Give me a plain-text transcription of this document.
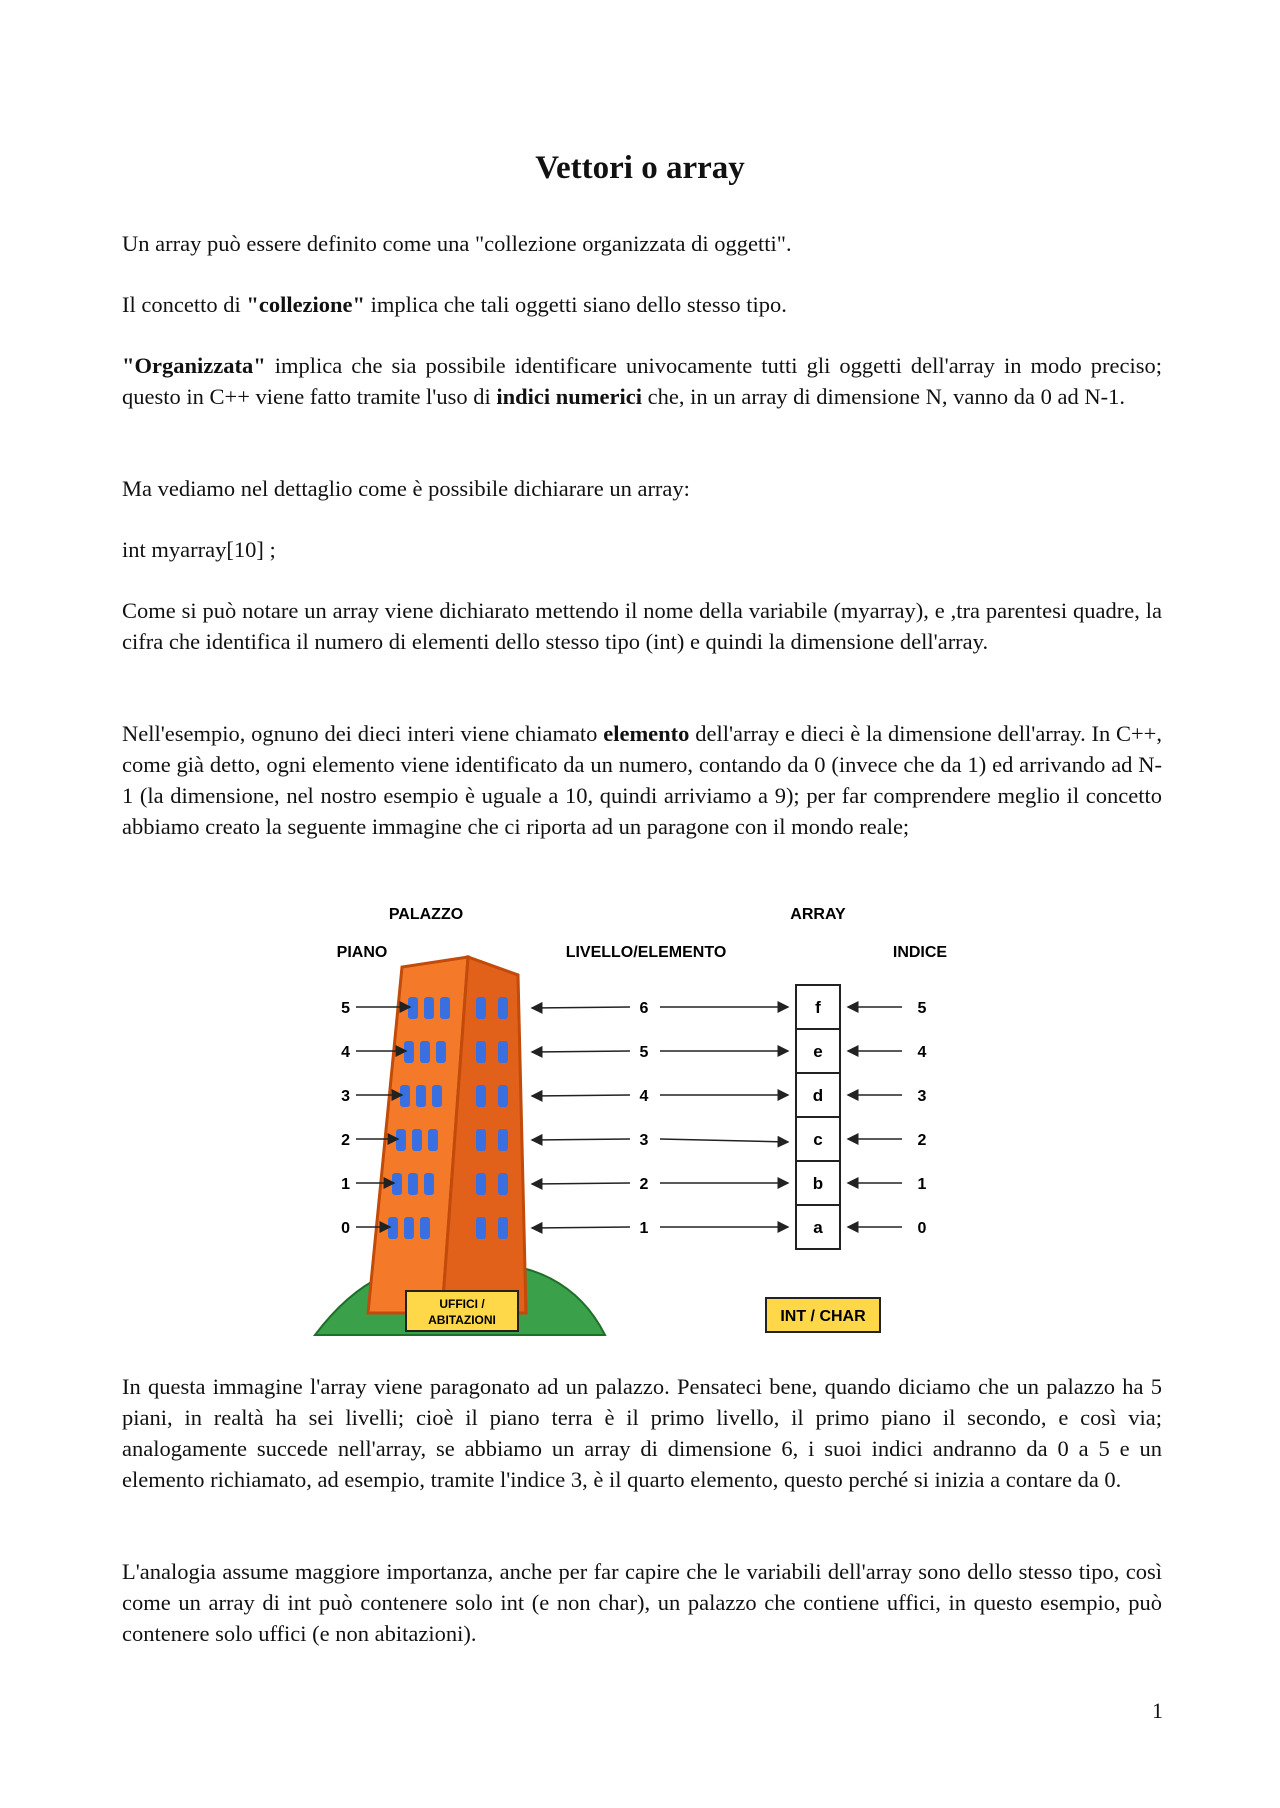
Vettori o array

Un array può essere definito come una "collezione organizzata di oggetti".

Il concetto di "collezione" implica che tali oggetti siano dello stesso tipo.

"Organizzata" implica che sia possibile identificare univocamente tutti gli oggetti dell'array in modo preciso; questo in C++ viene fatto tramite l'uso di indici numerici che, in un array di dimensione N, vanno da 0 ad N-1.

Ma vediamo nel dettaglio come è possibile dichiarare un array:

int myarray[10] ;

Come si può notare un array viene dichiarato mettendo il nome della variabile (myarray), e ,tra parentesi quadre, la cifra che identifica il numero di elementi dello stesso tipo (int) e quindi la dimensione dell'array.

Nell'esempio, ognuno dei dieci interi viene chiamato elemento dell'array e dieci è la dimensione dell'array. In C++, come già detto, ogni elemento viene identificato da un numero, contando da 0 (invece che da 1) ed arrivando ad N-1 (la dimensione, nel nostro esempio è uguale a 10, quindi arriviamo a 9); per far comprendere meglio il concetto abbiamo creato la seguente immagine che ci riporta ad un paragone con il mondo reale;

UFFICI /
ABITAZIONI
PALAZZO	ARRAY
PIANO	LIVELLO/ELEMENTO	INDICE
5	6	f	5
4	5	e	4
3	4	d	3
2	3	c	2
1	2	b	1
0	1	a	0
INT / CHAR

In questa immagine l'array viene paragonato ad un palazzo. Pensateci bene, quando diciamo che un palazzo ha 5 piani, in realtà ha sei livelli; cioè il piano terra è il primo livello, il primo piano il secondo, e così via; analogamente succede nell'array, se abbiamo un array di dimensione 6, i suoi indici andranno da 0 a 5 e un elemento richiamato, ad esempio, tramite l'indice 3, è il quarto elemento, questo perché si inizia a contare da 0.

L'analogia assume maggiore importanza, anche per far capire che le variabili dell'array sono dello stesso tipo, così come un array di int può contenere solo int (e non char), un palazzo che contiene uffici, in questo esempio, può contenere solo uffici (e non abitazioni).

1
